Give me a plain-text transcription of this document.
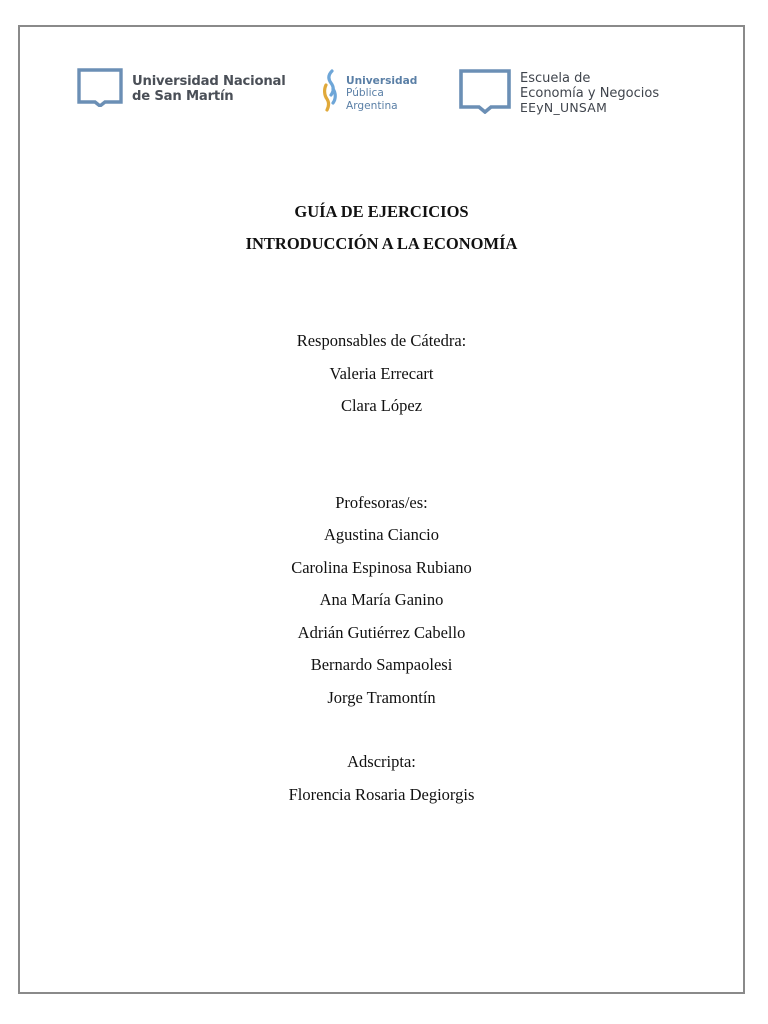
Universidad Nacional
de San Martín
Universidad
Pública
Argentina
Escuela de
Economía y Negocios
EEyN_UNSAM
GUÍA DE EJERCICIOS
INTRODUCCIÓN A LA ECONOMÍA
Responsables de Cátedra:
Valeria Errecart
Clara López
Profesoras/es:
Agustina Ciancio
Carolina Espinosa Rubiano
Ana María Ganino
Adrián Gutiérrez Cabello
Bernardo Sampaolesi
Jorge Tramontín
Adscripta:
Florencia Rosaria Degiorgis
